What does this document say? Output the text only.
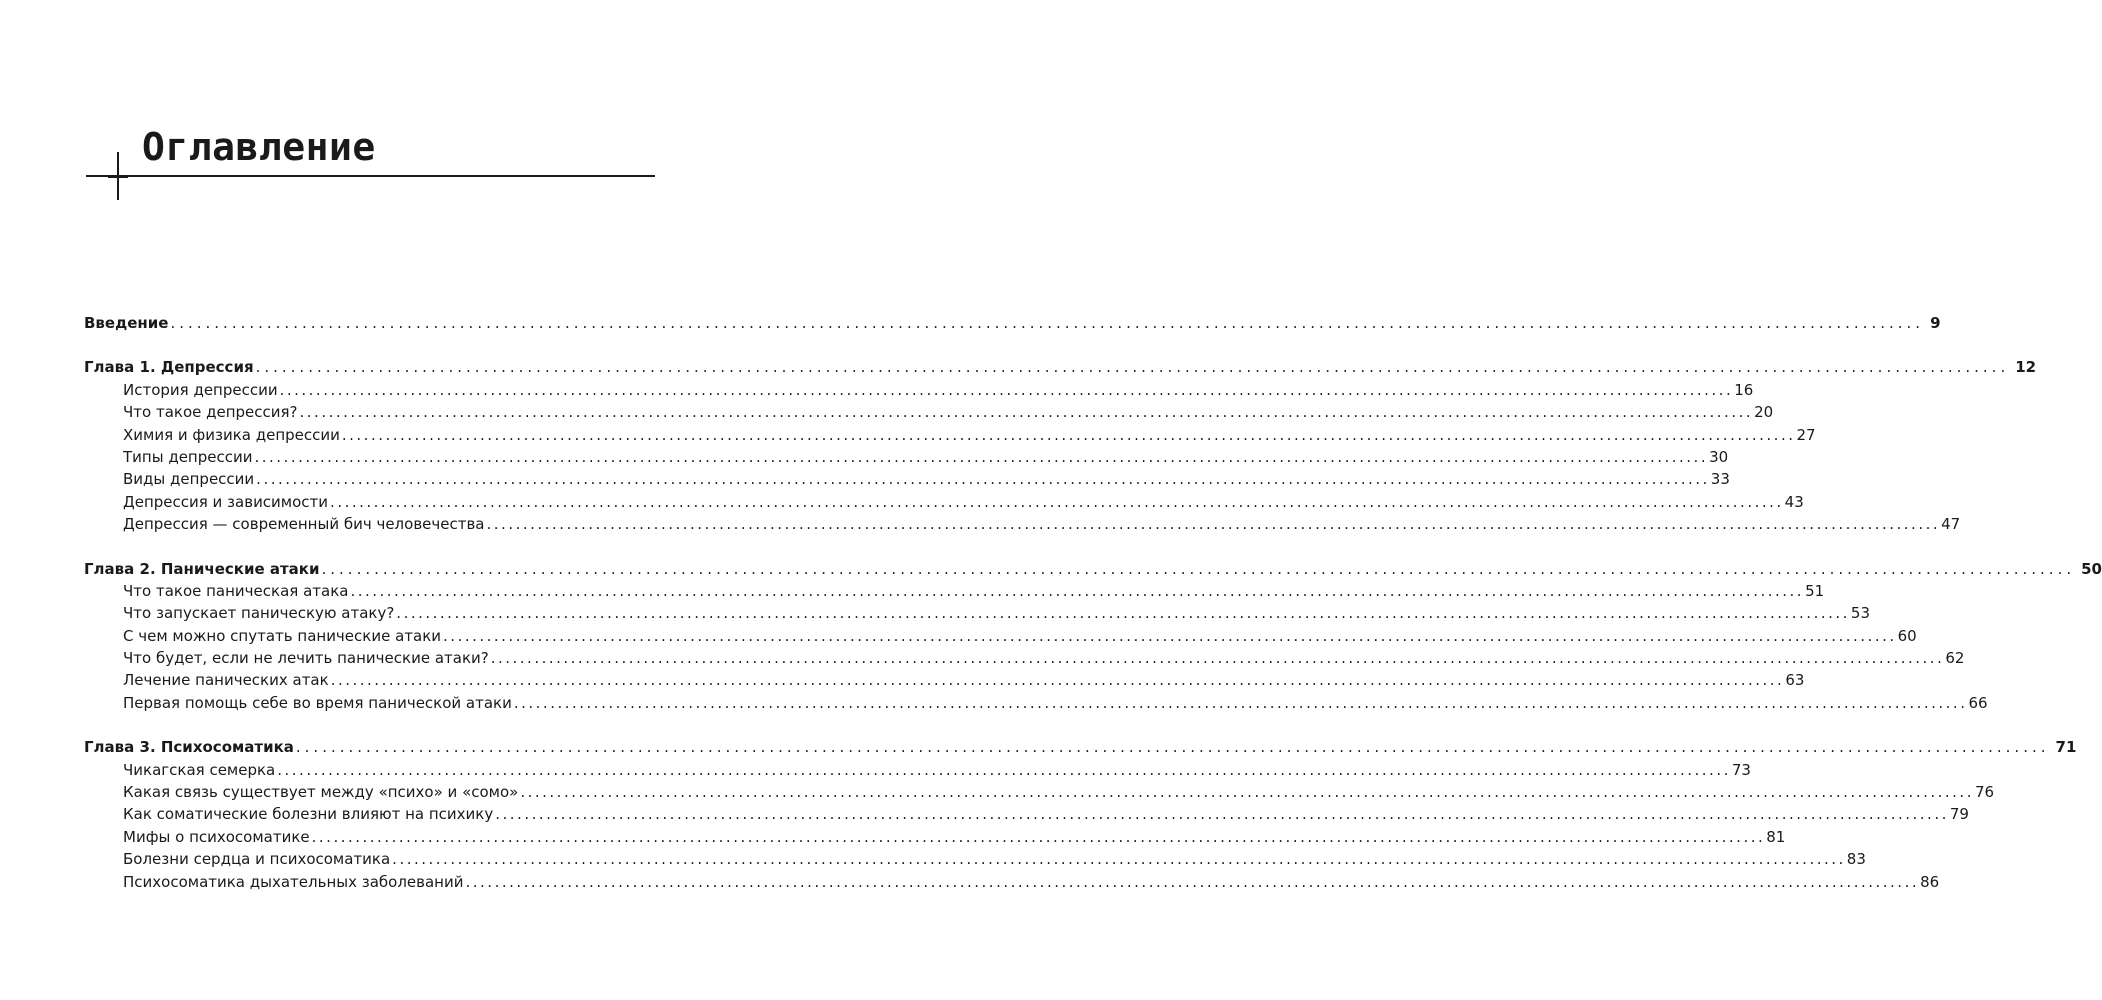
Оглавление
Введение ........................................................................................................................................................................................................ 9
Глава 1. Депрессия ........................................................................................................................................................................................................ 12
История депрессии ........................................................................................................................................................................................................ 16
Что такое депрессия? ........................................................................................................................................................................................................ 20
Химия и физика депрессии ........................................................................................................................................................................................................ 27
Типы депрессии ........................................................................................................................................................................................................ 30
Виды депрессии ........................................................................................................................................................................................................ 33
Депрессия и зависимости ........................................................................................................................................................................................................ 43
Депрессия — современный бич человечества ........................................................................................................................................................................................................ 47
Глава 2. Панические атаки ........................................................................................................................................................................................................ 50
Что такое паническая атака ........................................................................................................................................................................................................ 51
Что запускает паническую атаку? ........................................................................................................................................................................................................ 53
С чем можно спутать панические атаки ........................................................................................................................................................................................................ 60
Что будет, если не лечить панические атаки? ........................................................................................................................................................................................................ 62
Лечение панических атак ........................................................................................................................................................................................................ 63
Первая помощь себе во время панической атаки ........................................................................................................................................................................................................ 66
Глава 3. Психосоматика ........................................................................................................................................................................................................ 71
Чикагская семерка ........................................................................................................................................................................................................ 73
Какая связь существует между «психо» и «сомо» ........................................................................................................................................................................................................ 76
Как соматические болезни влияют на психику ........................................................................................................................................................................................................ 79
Мифы о психосоматике ........................................................................................................................................................................................................ 81
Болезни сердца и психосоматика ........................................................................................................................................................................................................ 83
Психосоматика дыхательных заболеваний ........................................................................................................................................................................................................ 86
